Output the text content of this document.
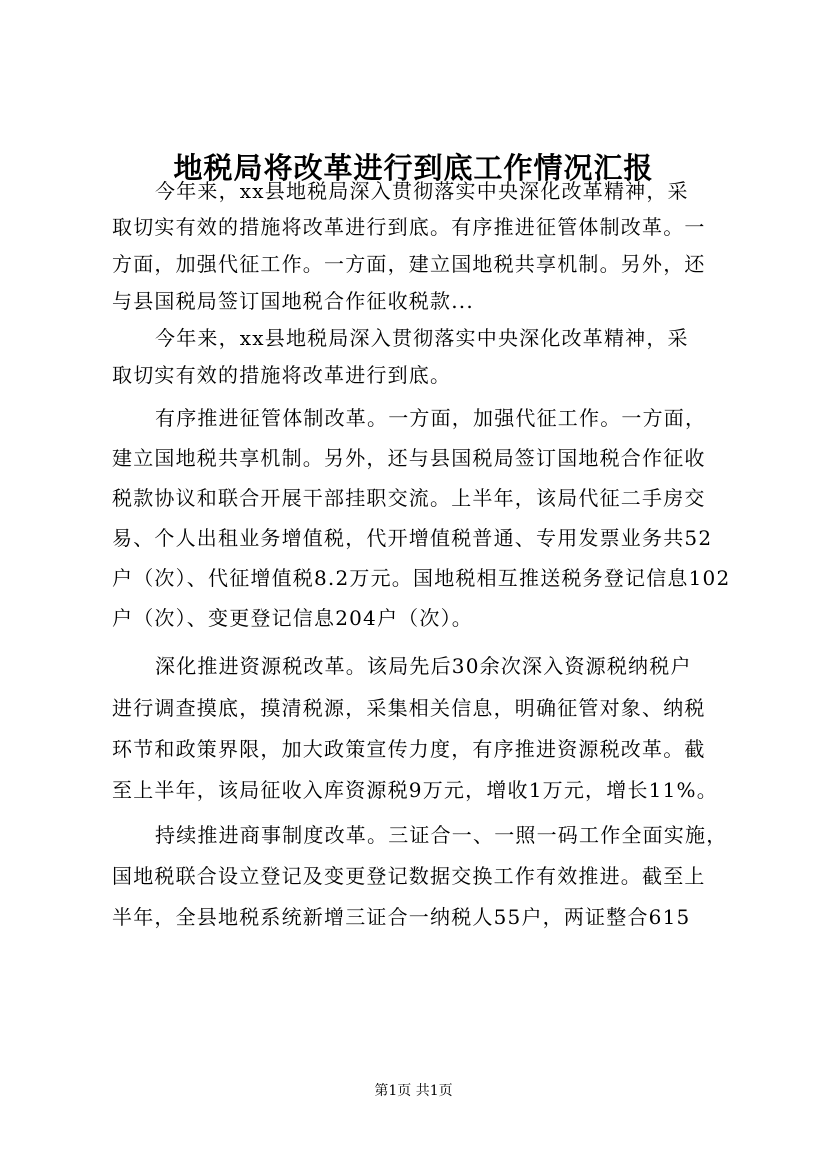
地税局将改革进行到底工作情况汇报
今年来，xx县地税局深入贯彻落实中央深化改革精神，采
取切实有效的措施将改革进行到底。有序推进征管体制改革。一
方面，加强代征工作。一方面，建立国地税共享机制。另外，还
与县国税局签订国地税合作征收税款...
今年来，xx县地税局深入贯彻落实中央深化改革精神，采
取切实有效的措施将改革进行到底。
有序推进征管体制改革。一方面，加强代征工作。一方面，
建立国地税共享机制。另外，还与县国税局签订国地税合作征收
税款协议和联合开展干部挂职交流。上半年，该局代征二手房交
易、个人出租业务增值税，代开增值税普通、专用发票业务共52
户（次）、代征增值税8.2万元。国地税相互推送税务登记信息102
户（次）、变更登记信息204户（次）。
深化推进资源税改革。该局先后30余次深入资源税纳税户
进行调查摸底，摸清税源，采集相关信息，明确征管对象、纳税
环节和政策界限，加大政策宣传力度，有序推进资源税改革。截
至上半年，该局征收入库资源税9万元，增收1万元，增长11%。
持续推进商事制度改革。三证合一、一照一码工作全面实施，
国地税联合设立登记及变更登记数据交换工作有效推进。截至上
半年，全县地税系统新增三证合一纳税人55户，两证整合615
第1页 共1页
